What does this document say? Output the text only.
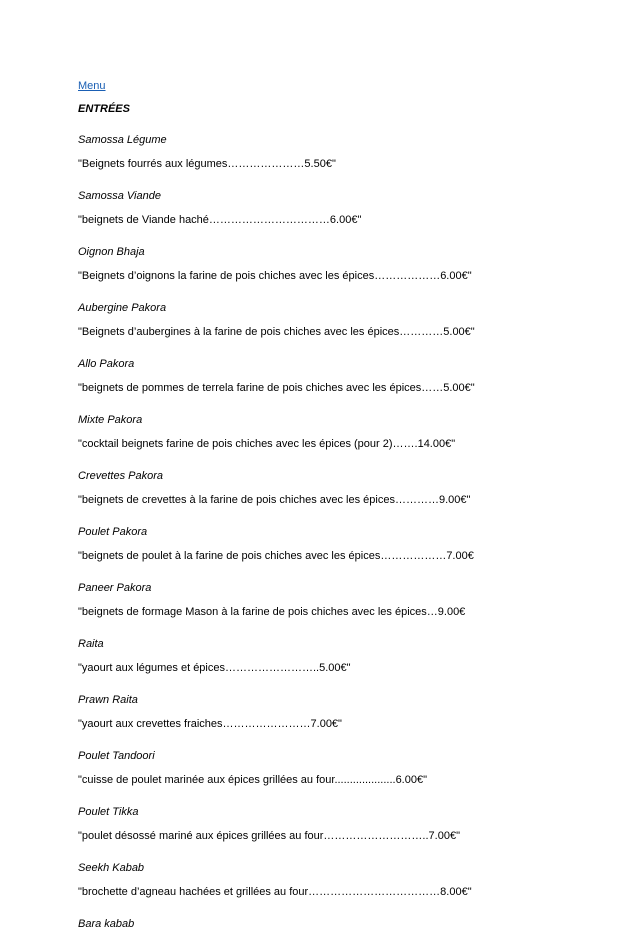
Menu
ENTRÉES
Samossa Légume
"Beignets fourrés aux légumes…………………5.50€"
Samossa Viande
"beignets de Viande haché……………………………6.00€"
Oignon Bhaja
"Beignets d’oignons la farine de pois chiches avec les épices………………6.00€"
Aubergine Pakora
"Beignets d’aubergines à la farine de pois chiches avec les épices…………5.00€"
Allo Pakora
"beignets de pommes de terrela farine de pois chiches avec les épices……5.00€"
Mixte Pakora
"cocktail beignets farine de pois chiches avec les épices (pour 2)…….14.00€"
Crevettes Pakora
"beignets de crevettes à la farine de pois chiches avec les épices…………9.00€"
Poulet Pakora
"beignets de poulet à la farine de pois chiches avec les épices………………7.00€
Paneer Pakora
"beignets de formage Mason à la farine de pois chiches avec les épices…9.00€
Raita
"yaourt aux légumes et épices……………………..5.00€"
Prawn Raita
"yaourt aux crevettes fraiches……………………7.00€"
Poulet Tandoori
"cuisse de poulet marinée aux épices grillées au four....................6.00€"
Poulet Tikka
"poulet désossé mariné aux épices grillées au four………………………..7.00€"
Seekh Kabab
"brochette d’agneau hachées et grillées au four………………………………8.00€"
Bara kabab
